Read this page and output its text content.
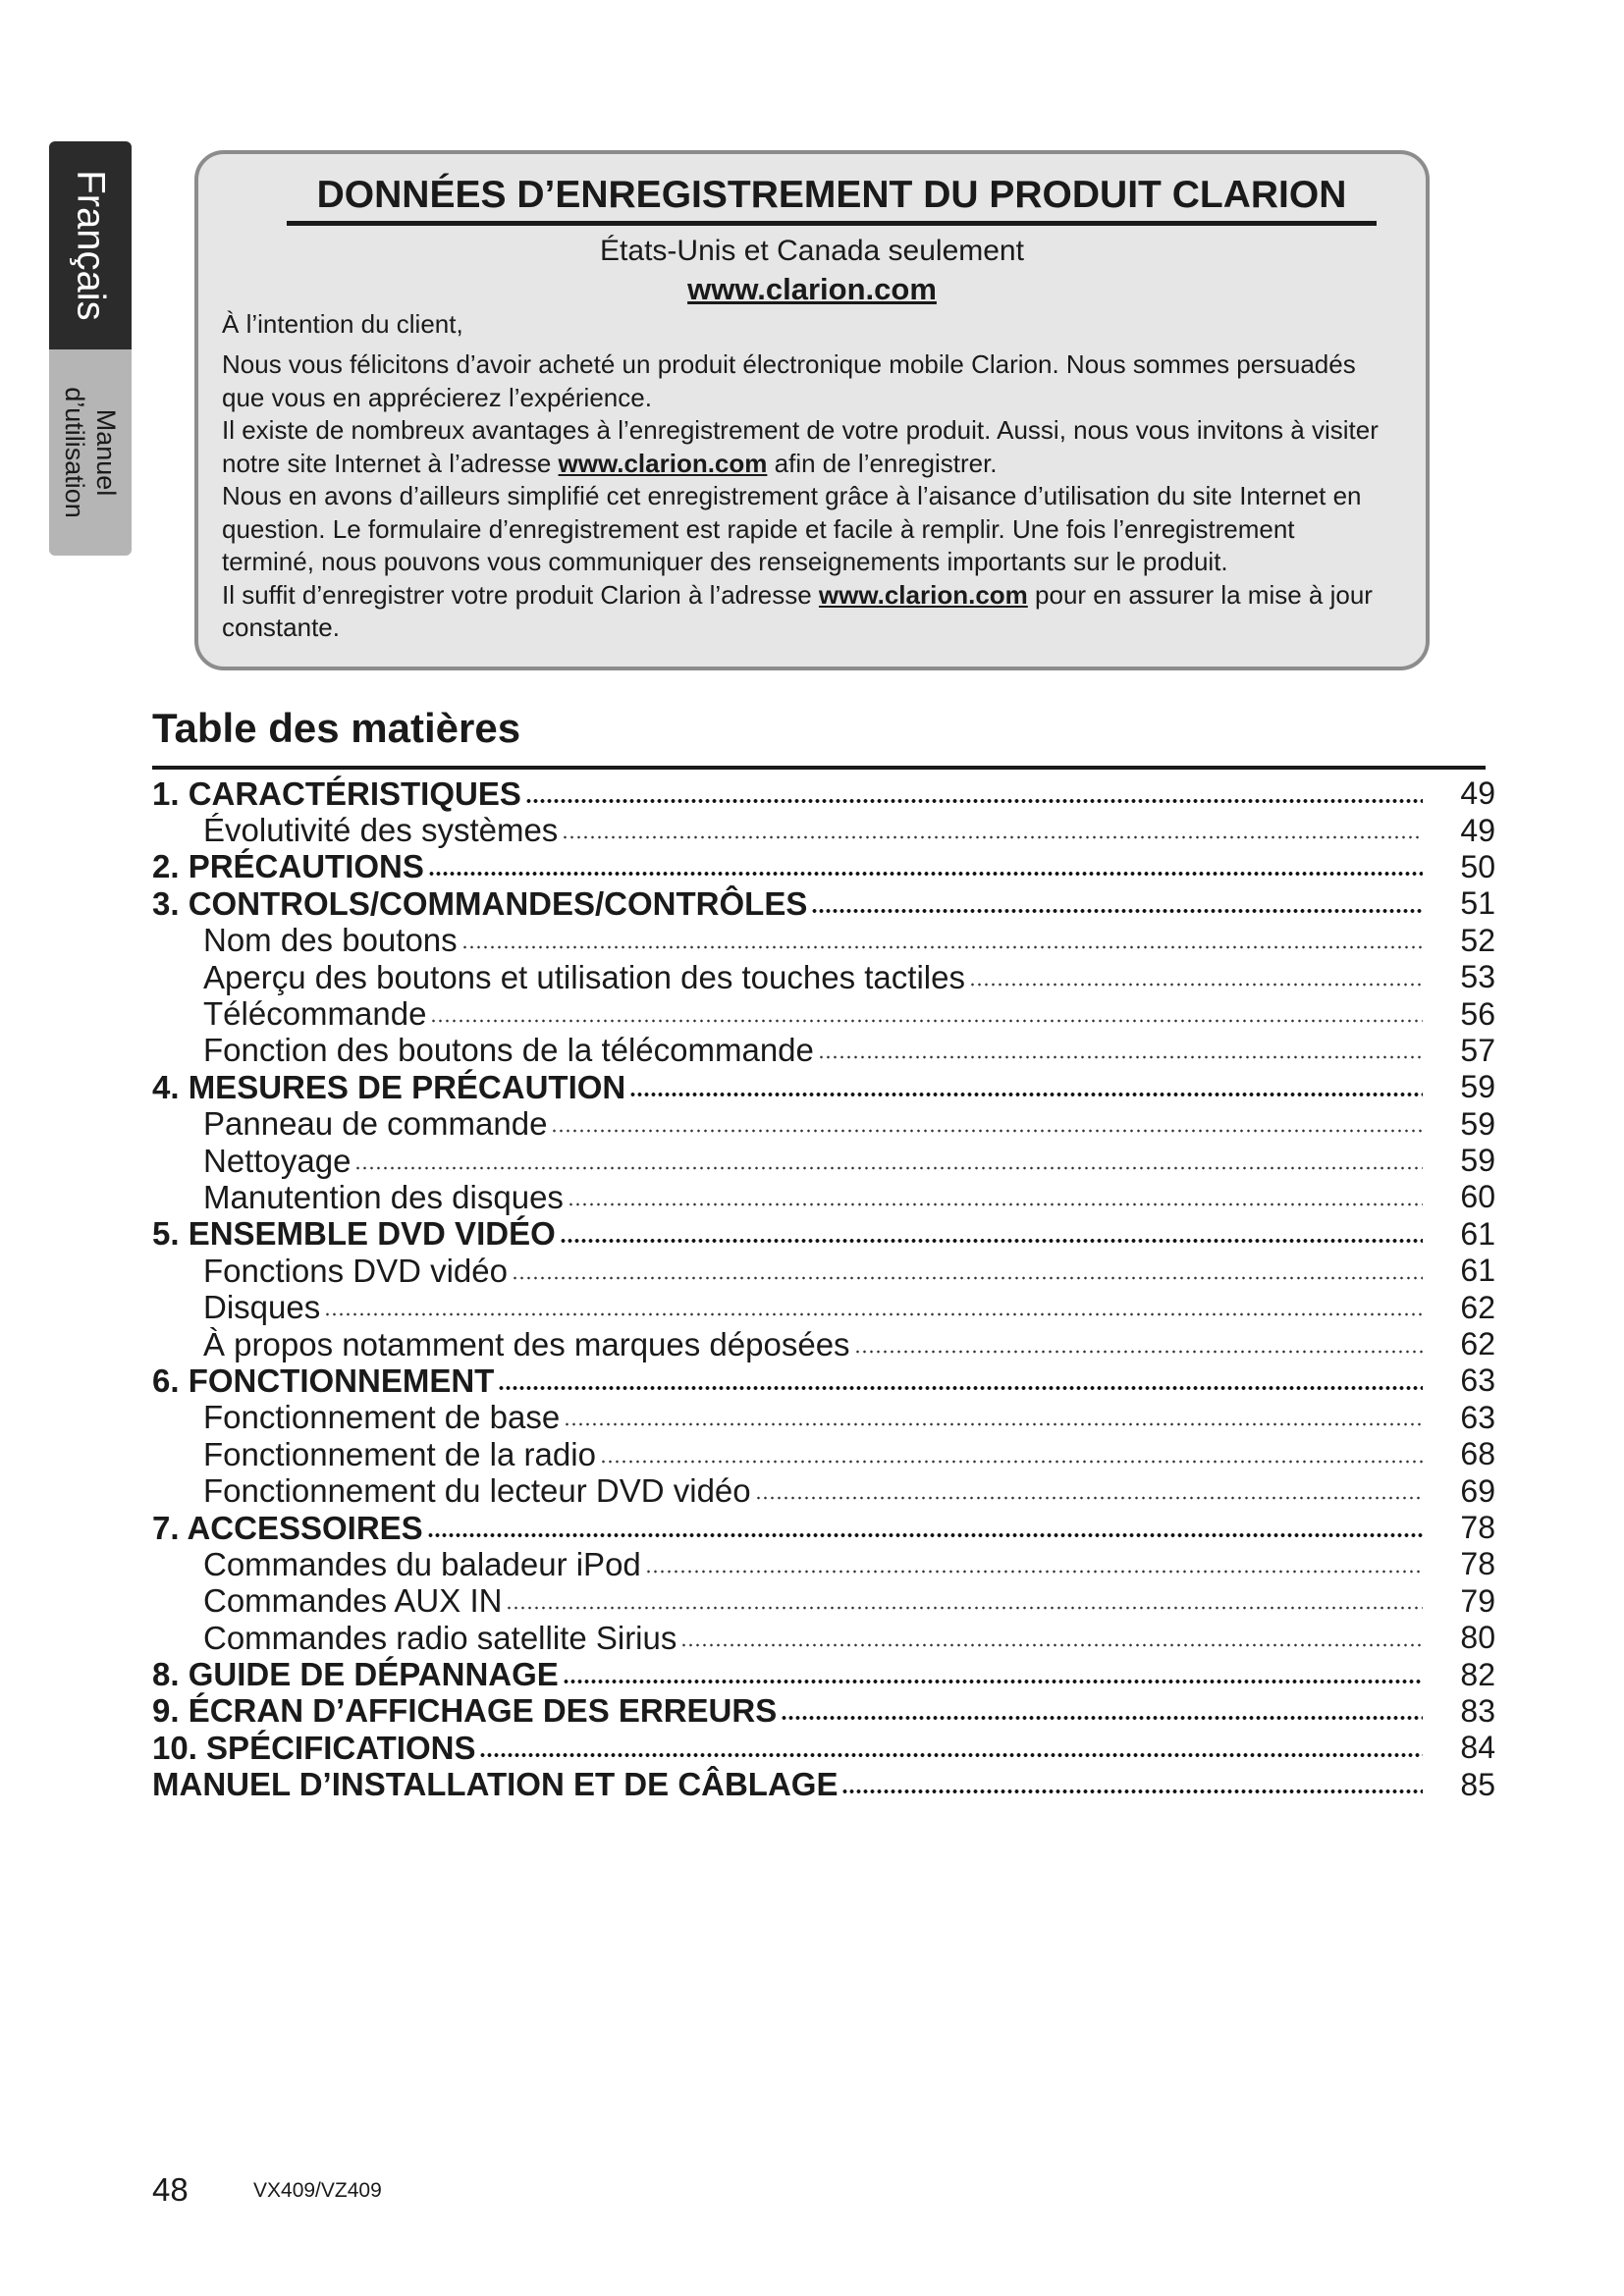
Français
Manuel
d’utilisation
DONNÉES D’ENREGISTREMENT DU PRODUIT CLARION
États-Unis et Canada seulement
www.clarion.com
À l’intention du client,

Nous vous félicitons d’avoir acheté un produit électronique mobile Clarion. Nous sommes persuadés que vous en apprécierez l’expérience.

Il existe de nombreux avantages à l’enregistrement de votre produit. Aussi, nous vous invitons à visiter notre site Internet à l’adresse www.clarion.com afin de l’enregistrer.

Nous en avons d’ailleurs simplifié cet enregistrement grâce à l’aisance d’utilisation du site Internet en question. Le formulaire d’enregistrement est rapide et facile à remplir. Une fois l’enregistrement terminé, nous pouvons vous communiquer des renseignements importants sur le produit.

Il suffit d’enregistrer votre produit Clarion à l’adresse www.clarion.com pour en assurer la mise à jour constante.

Table des matières
1. CARACTÉRISTIQUES	49
Évolutivité des systèmes	49
2. PRÉCAUTIONS	50
3. CONTROLS/COMMANDES/CONTRÔLES	51
Nom des boutons	52
Aperçu des boutons et utilisation des touches tactiles	53
Télécommande	56
Fonction des boutons de la télécommande	57
4. MESURES DE PRÉCAUTION	59
Panneau de commande	59
Nettoyage	59
Manutention des disques	60
5. ENSEMBLE DVD VIDÉO	61
Fonctions DVD vidéo	61
Disques	62
À propos notamment des marques déposées	62
6. FONCTIONNEMENT	63
Fonctionnement de base	63
Fonctionnement de la radio	68
Fonctionnement du lecteur DVD vidéo	69
7. ACCESSOIRES	78
Commandes du baladeur iPod	78
Commandes AUX IN	79
Commandes radio satellite Sirius	80
8. GUIDE DE DÉPANNAGE	82
9. ÉCRAN D’AFFICHAGE DES ERREURS	83
10. SPÉCIFICATIONS	84
MANUEL D’INSTALLATION ET DE CÂBLAGE	85
48	VX409/VZ409
